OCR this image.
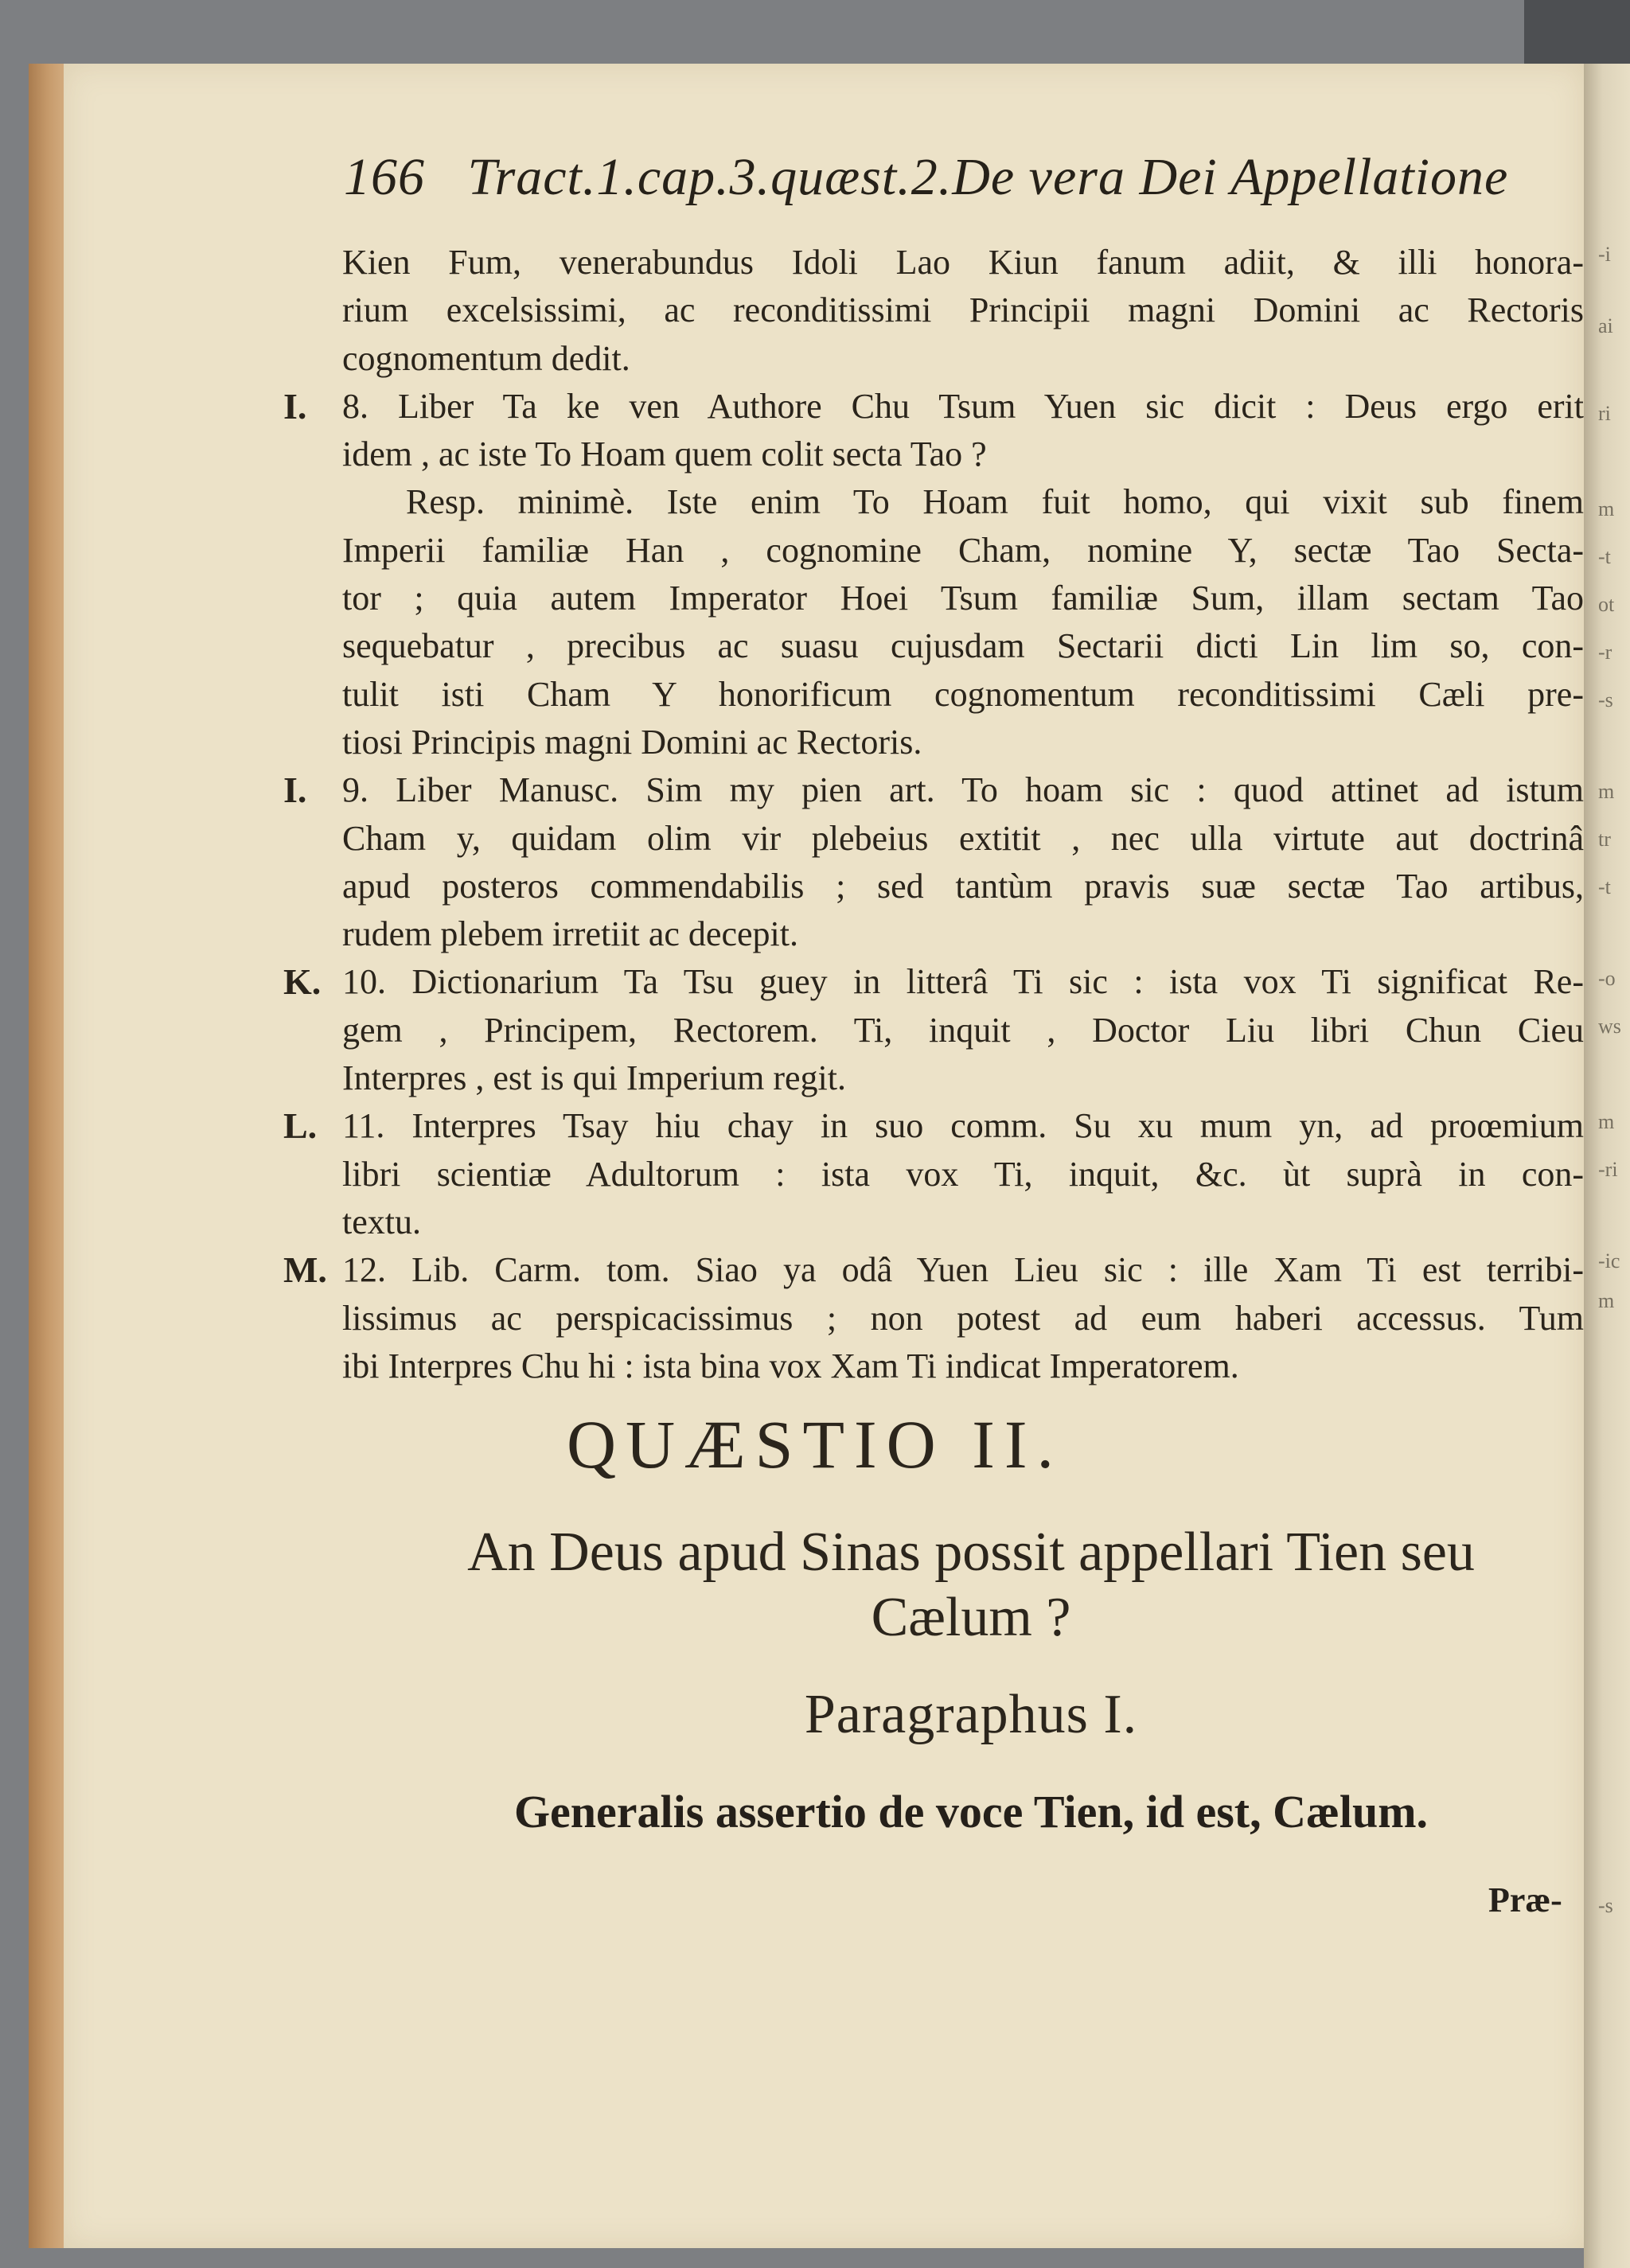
166 Tract.1.cap.3.quæst.2.De vera Dei Appellatione
Kien Fum, venerabundus Idoli Lao Kiun fanum adiit, & illi honora-
rium excelsissimi, ac reconditissimi Principii magni Domini ac Rectoris
cognomentum dedit.
I. 8. Liber Ta ke ven Authore Chu Tsum Yuen sic dicit : Deus ergo erit
idem , ac iste To Hoam quem colit secta Tao ?
Resp. minimè. Iste enim To Hoam fuit homo, qui vixit sub finem
Imperii familiæ Han , cognomine Cham, nomine Y, sectæ Tao Secta-
tor ; quia autem Imperator Hoei Tsum familiæ Sum, illam sectam Tao
sequebatur , precibus ac suasu cujusdam Sectarii dicti Lin lim so, con-
tulit isti Cham Y honorificum cognomentum reconditissimi Cæli pre-
tiosi Principis magni Domini ac Rectoris.
I. 9. Liber Manusc. Sim my pien art. To hoam sic : quod attinet ad istum
Cham y, quidam olim vir plebeius extitit , nec ulla virtute aut doctrinâ
apud posteros commendabilis ; sed tantùm pravis suæ sectæ Tao artibus,
rudem plebem irretiit ac decepit.
K. 10. Dictionarium Ta Tsu guey in litterâ Ti sic : ista vox Ti significat Re-
gem , Principem, Rectorem. Ti, inquit , Doctor Liu libri Chun Cieu
Interpres , est is qui Imperium regit.
L. 11. Interpres Tsay hiu chay in suo comm. Su xu mum yn, ad proœmium
libri scientiæ Adultorum : ista vox Ti, inquit, &c. ùt suprà in con-
textu.
M. 12. Lib. Carm. tom. Siao ya odâ Yuen Lieu sic : ille Xam Ti est terribi-
lissimus ac perspicacissimus ; non potest ad eum haberi accessus. Tum
ibi Interpres Chu hi : ista bina vox Xam Ti indicat Imperatorem.
QUÆSTIO II.
An Deus apud Sinas possit appellari Tien seu Cælum ?
Paragraphus I.
Generalis assertio de voce Tien, id est, Cælum.
Præ-
-i
ai
ri
m
-t
ot
-r
-s
m
tr
-t
-o
ws
m
-ri
-ic
m
-s
